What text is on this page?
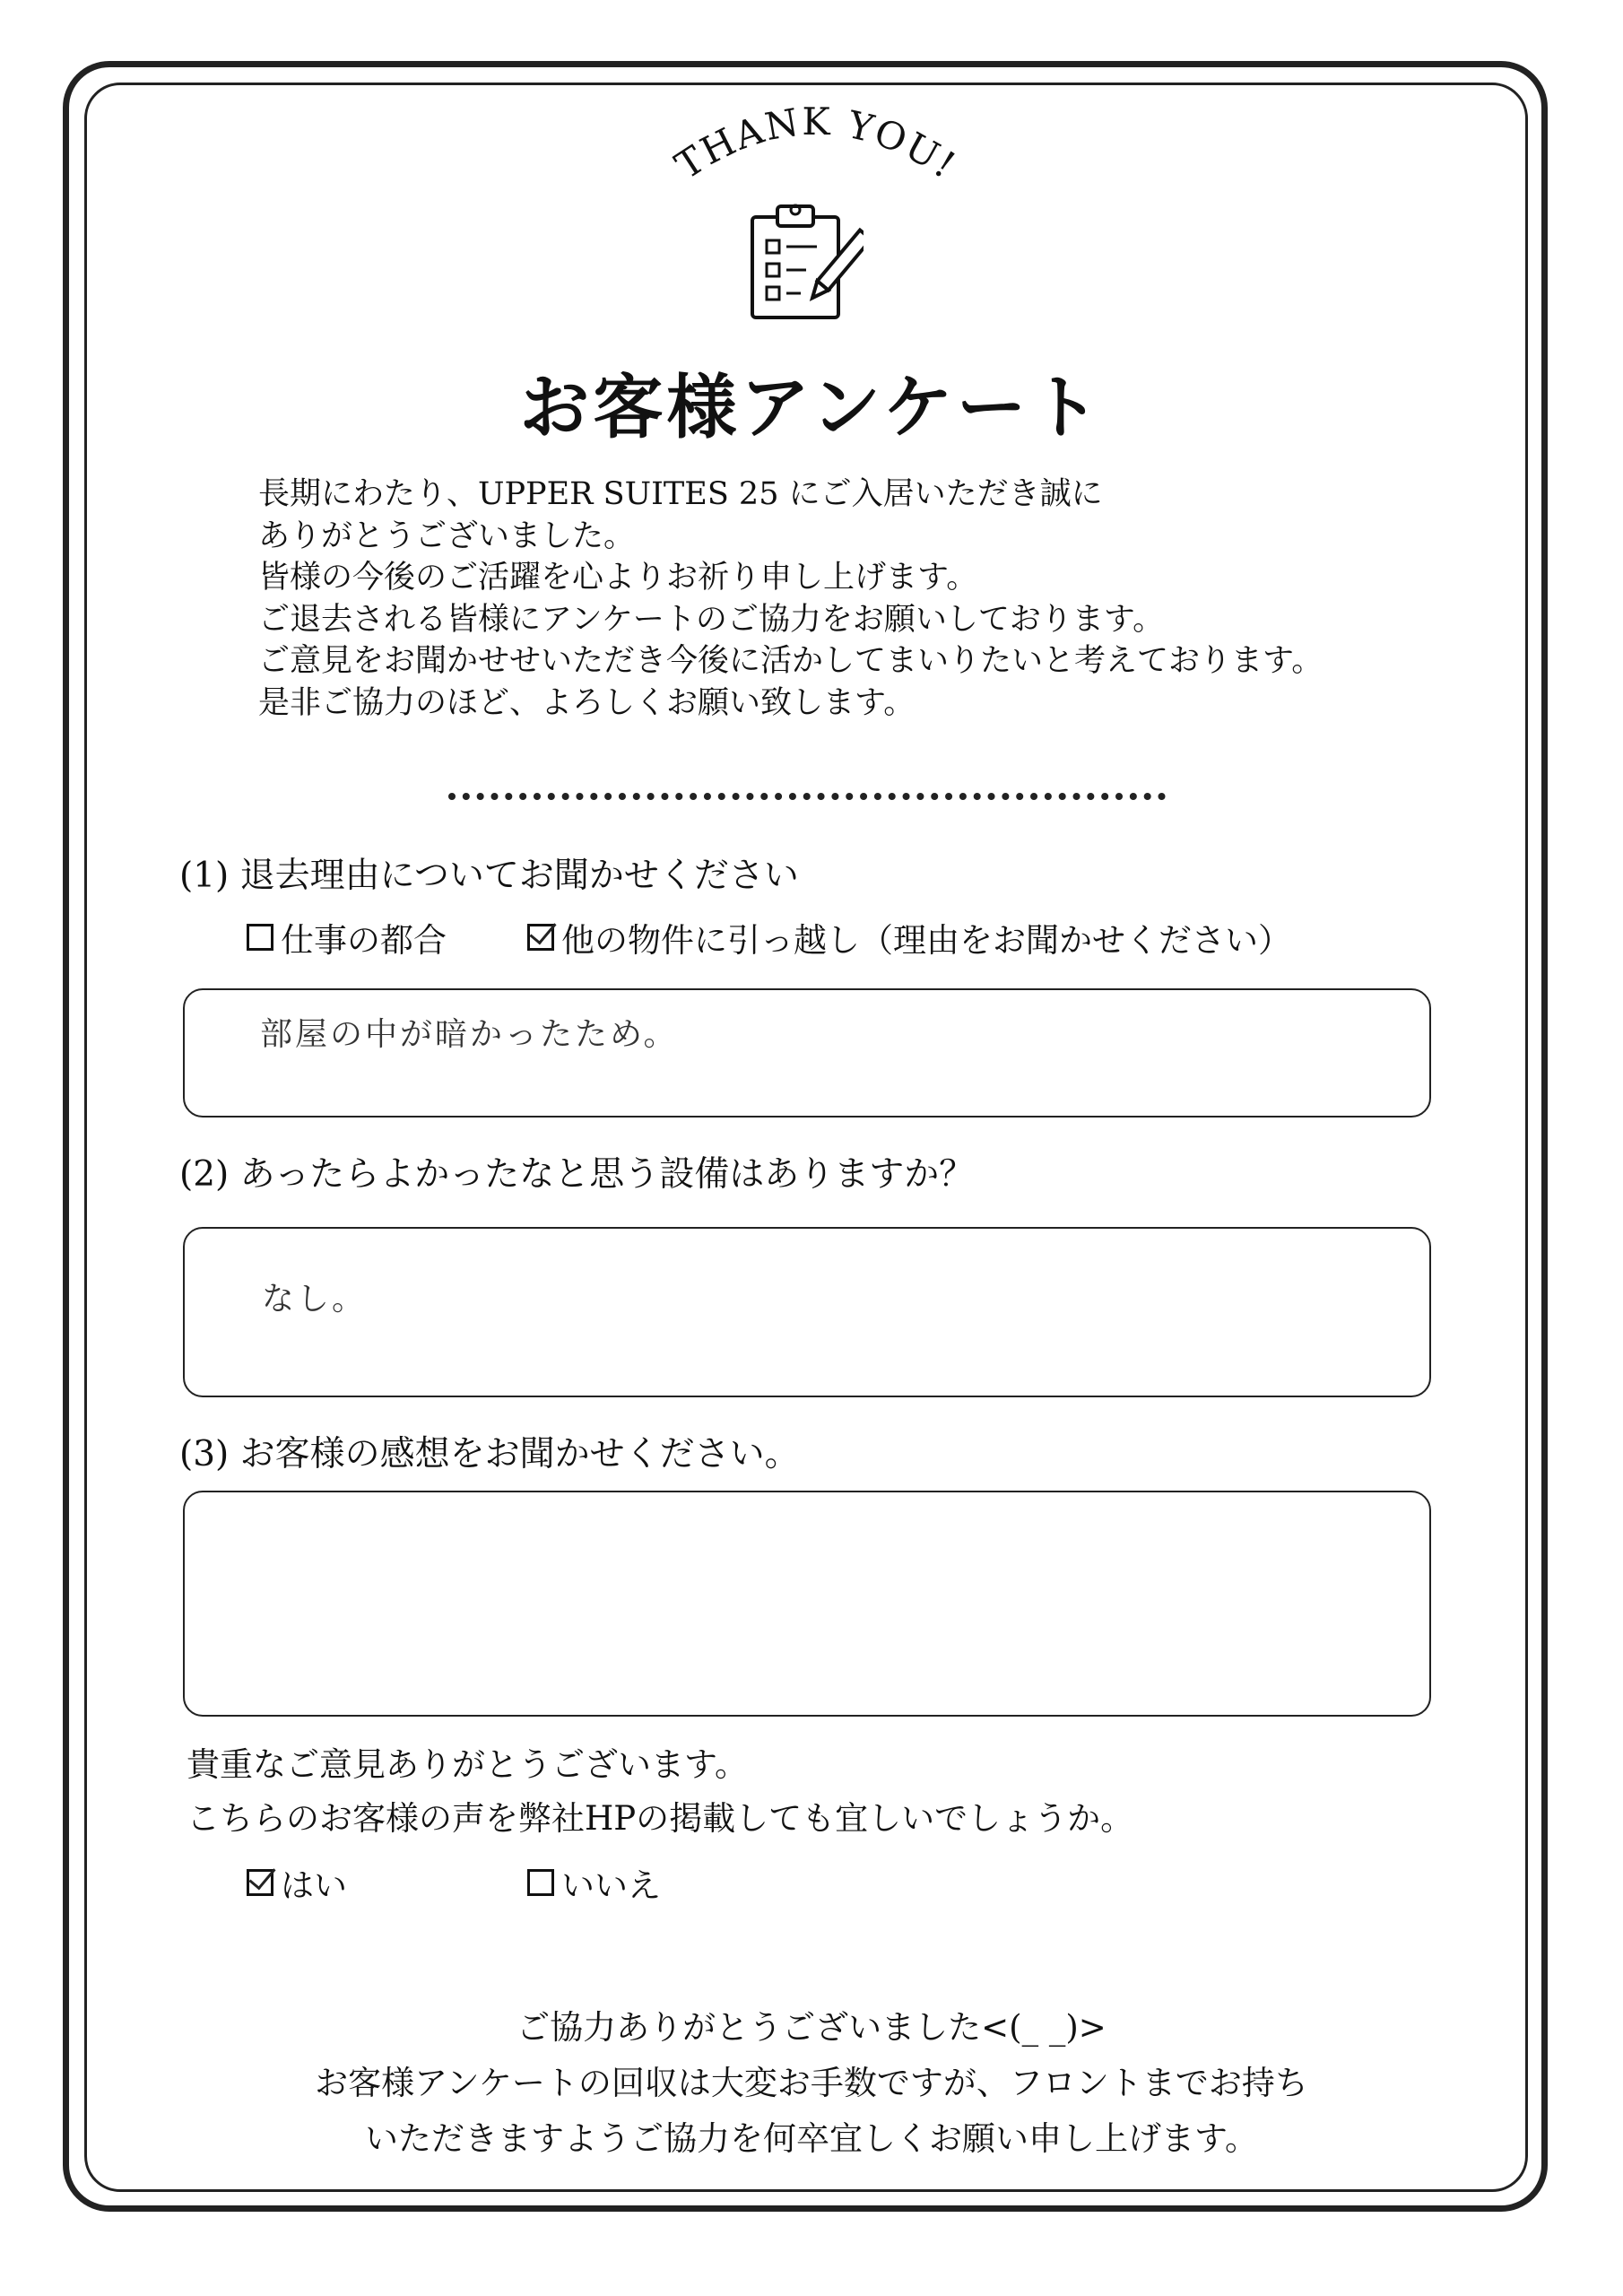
THANK YOU!
お客様アンケート
長期にわたり、UPPER SUITES 25 にご入居いただき誠に
ありがとうございました。
皆様の今後のご活躍を心よりお祈り申し上げます。
ご退去される皆様にアンケートのご協力をお願いしております。
ご意見をお聞かせせいただき今後に活かしてまいりたいと考えております。
是非ご協力のほど、よろしくお願い致します。
(1) 退去理由についてお聞かせください
仕事の都合	他の物件に引っ越し（理由をお聞かせください）
部屋の中が暗かったため。
(2) あったらよかったなと思う設備はありますか？
なし。
(3) お客様の感想をお聞かせください。
貴重なご意見ありがとうございます。
こちらのお客様の声を弊社HPの掲載しても宜しいでしょうか。
はい	いいえ
ご協力ありがとうございました<(_ _)>
お客様アンケートの回収は大変お手数ですが、フロントまでお持ち
いただきますようご協力を何卒宜しくお願い申し上げます。
